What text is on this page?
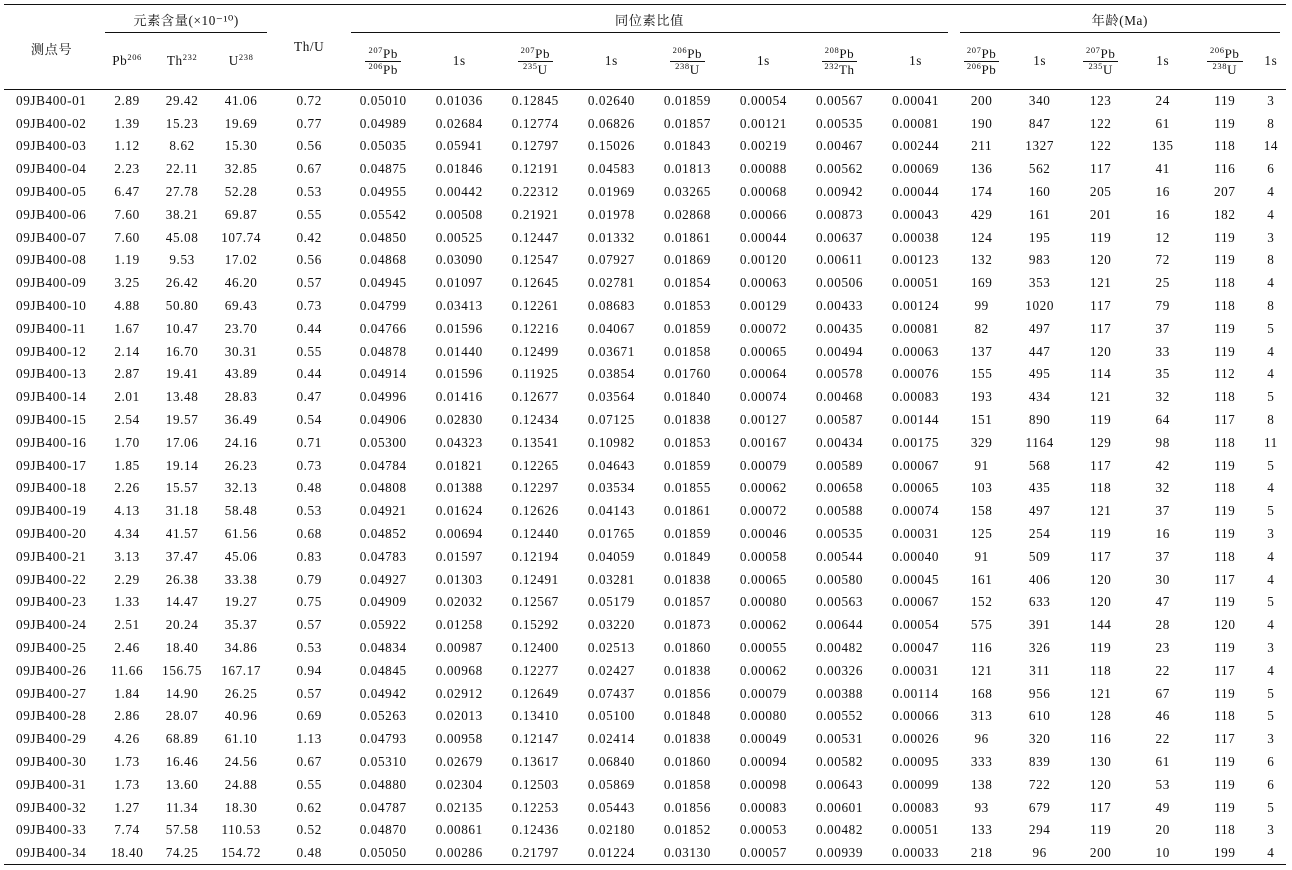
测点号	元素含量(×10⁻¹⁰)			Th/U	同位素比值								年龄(Ma)					
	Pb$^{206}$	Th$^{232}$	$U^{238}$		$\frac{^{207}Pb}{^{206}Pb}$	1s	$\frac{^{207}Pb}{^{235}U}$	1s	$\frac{^{206}Pb}{^{238}U}$	1s	$\frac{^{208}Pb}{^{232}Th}$	1s	$\frac{^{207}Pb}{^{206}Pb}$	1s	$\frac{^{207}Pb}{^{235}U}$	1s	$\frac{^{206}Pb}{^{238}U}$	1s
09JB400-01	2.89	29.42	41.06	0.72	0.05010	0.01036	0.12845	0.02640	0.01859	0.00054	0.00567	0.00041	200	340	123	24	119	3
09JB400-02	1.39	15.23	19.69	0.77	0.04989	0.02684	0.12774	0.06826	0.01857	0.00121	0.00535	0.00081	190	847	122	61	119	8
09JB400-03	1.12	8.62	15.30	0.56	0.05035	0.05941	0.12797	0.15026	0.01843	0.00219	0.00467	0.00244	211	1327	122	135	118	14
09JB400-04	2.23	22.11	32.85	0.67	0.04875	0.01846	0.12191	0.04583	0.01813	0.00088	0.00562	0.00069	136	562	117	41	116	6
09JB400-05	6.47	27.78	52.28	0.53	0.04955	0.00442	0.22312	0.01969	0.03265	0.00068	0.00942	0.00044	174	160	205	16	207	4
09JB400-06	7.60	38.21	69.87	0.55	0.05542	0.00508	0.21921	0.01978	0.02868	0.00066	0.00873	0.00043	429	161	201	16	182	4
09JB400-07	7.60	45.08	107.74	0.42	0.04850	0.00525	0.12447	0.01332	0.01861	0.00044	0.00637	0.00038	124	195	119	12	119	3
09JB400-08	1.19	9.53	17.02	0.56	0.04868	0.03090	0.12547	0.07927	0.01869	0.00120	0.00611	0.00123	132	983	120	72	119	8
09JB400-09	3.25	26.42	46.20	0.57	0.04945	0.01097	0.12645	0.02781	0.01854	0.00063	0.00506	0.00051	169	353	121	25	118	4
09JB400-10	4.88	50.80	69.43	0.73	0.04799	0.03413	0.12261	0.08683	0.01853	0.00129	0.00433	0.00124	99	1020	117	79	118	8
09JB400-11	1.67	10.47	23.70	0.44	0.04766	0.01596	0.12216	0.04067	0.01859	0.00072	0.00435	0.00081	82	497	117	37	119	5
09JB400-12	2.14	16.70	30.31	0.55	0.04878	0.01440	0.12499	0.03671	0.01858	0.00065	0.00494	0.00063	137	447	120	33	119	4
09JB400-13	2.87	19.41	43.89	0.44	0.04914	0.01596	0.11925	0.03854	0.01760	0.00064	0.00578	0.00076	155	495	114	35	112	4
09JB400-14	2.01	13.48	28.83	0.47	0.04996	0.01416	0.12677	0.03564	0.01840	0.00074	0.00468	0.00083	193	434	121	32	118	5
09JB400-15	2.54	19.57	36.49	0.54	0.04906	0.02830	0.12434	0.07125	0.01838	0.00127	0.00587	0.00144	151	890	119	64	117	8
09JB400-16	1.70	17.06	24.16	0.71	0.05300	0.04323	0.13541	0.10982	0.01853	0.00167	0.00434	0.00175	329	1164	129	98	118	11
09JB400-17	1.85	19.14	26.23	0.73	0.04784	0.01821	0.12265	0.04643	0.01859	0.00079	0.00589	0.00067	91	568	117	42	119	5
09JB400-18	2.26	15.57	32.13	0.48	0.04808	0.01388	0.12297	0.03534	0.01855	0.00062	0.00658	0.00065	103	435	118	32	118	4
09JB400-19	4.13	31.18	58.48	0.53	0.04921	0.01624	0.12626	0.04143	0.01861	0.00072	0.00588	0.00074	158	497	121	37	119	5
09JB400-20	4.34	41.57	61.56	0.68	0.04852	0.00694	0.12440	0.01765	0.01859	0.00046	0.00535	0.00031	125	254	119	16	119	3
09JB400-21	3.13	37.47	45.06	0.83	0.04783	0.01597	0.12194	0.04059	0.01849	0.00058	0.00544	0.00040	91	509	117	37	118	4
09JB400-22	2.29	26.38	33.38	0.79	0.04927	0.01303	0.12491	0.03281	0.01838	0.00065	0.00580	0.00045	161	406	120	30	117	4
09JB400-23	1.33	14.47	19.27	0.75	0.04909	0.02032	0.12567	0.05179	0.01857	0.00080	0.00563	0.00067	152	633	120	47	119	5
09JB400-24	2.51	20.24	35.37	0.57	0.05922	0.01258	0.15292	0.03220	0.01873	0.00062	0.00644	0.00054	575	391	144	28	120	4
09JB400-25	2.46	18.40	34.86	0.53	0.04834	0.00987	0.12400	0.02513	0.01860	0.00055	0.00482	0.00047	116	326	119	23	119	3
09JB400-26	11.66	156.75	167.17	0.94	0.04845	0.00968	0.12277	0.02427	0.01838	0.00062	0.00326	0.00031	121	311	118	22	117	4
09JB400-27	1.84	14.90	26.25	0.57	0.04942	0.02912	0.12649	0.07437	0.01856	0.00079	0.00388	0.00114	168	956	121	67	119	5
09JB400-28	2.86	28.07	40.96	0.69	0.05263	0.02013	0.13410	0.05100	0.01848	0.00080	0.00552	0.00066	313	610	128	46	118	5
09JB400-29	4.26	68.89	61.10	1.13	0.04793	0.00958	0.12147	0.02414	0.01838	0.00049	0.00531	0.00026	96	320	116	22	117	3
09JB400-30	1.73	16.46	24.56	0.67	0.05310	0.02679	0.13617	0.06840	0.01860	0.00094	0.00582	0.00095	333	839	130	61	119	6
09JB400-31	1.73	13.60	24.88	0.55	0.04880	0.02304	0.12503	0.05869	0.01858	0.00098	0.00643	0.00099	138	722	120	53	119	6
09JB400-32	1.27	11.34	18.30	0.62	0.04787	0.02135	0.12253	0.05443	0.01856	0.00083	0.00601	0.00083	93	679	117	49	119	5
09JB400-33	7.74	57.58	110.53	0.52	0.04870	0.00861	0.12436	0.02180	0.01852	0.00053	0.00482	0.00051	133	294	119	20	118	3
09JB400-34	18.40	74.25	154.72	0.48	0.05050	0.00286	0.21797	0.01224	0.03130	0.00057	0.00939	0.00033	218	96	200	10	199	4
